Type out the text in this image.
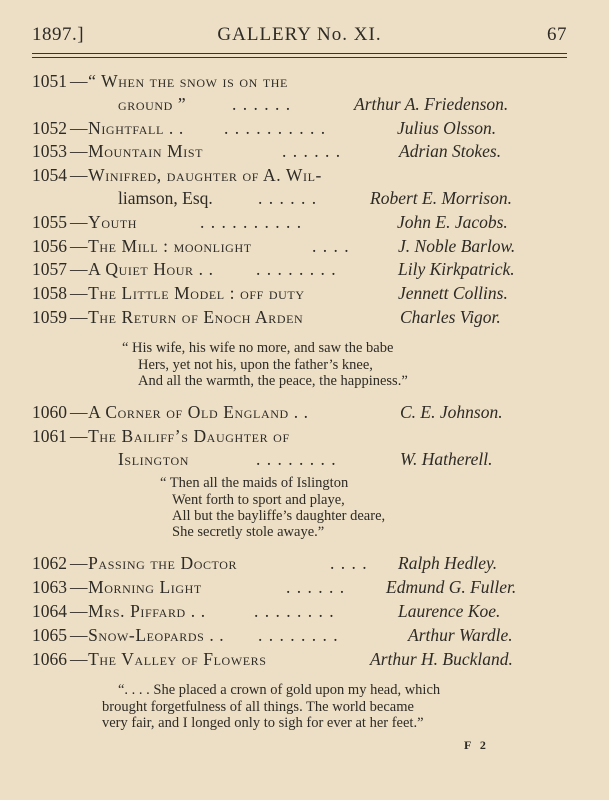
1897.]	GALLERY No. XI.	67
1051 —“ When the snow is on the
ground ”	. . . . . .	Arthur A. Friedenson.
1052 —Nightfall . . . . . . . . . . . .	Julius Olsson.
1053 —Mountain Mist	. . . . . .	Adrian Stokes.
1054 —Winifred, daughter of A. Wil-
liamson, Esq.	. . . . . .	Robert E. Morrison.
1055 —Youth	. . . . . . . . . .	John E. Jacobs.
1056 —The Mill : moonlight	. . . .	J. Noble Barlow.
1057 —A Quiet Hour . . . . . . . . . .	Lily Kirkpatrick.
1058 —The Little Model : off duty	Jennett Collins.
1059 —The Return of Enoch Arden	Charles Vigor.
“ His wife, his wife no more, and saw the babe
Hers, yet not his, upon the father’s knee,
And all the warmth, the peace, the happiness.”
1060 —A Corner of Old England . .	C. E. Johnson.
1061 —The Bailiff’s Daughter of
Islington	. . . . . . . .	W. Hatherell.
“ Then all the maids of Islington
Went forth to sport and playe,
All but the bayliffe’s daughter deare,
She secretly stole awaye.”
1062 —Passing the Doctor	. . . . Ralph Hedley.
1063 —Morning Light	. . . . . . Edmund G. Fuller.
1064 —Mrs. Piffard . .	. . . . . . . .	Laurence Koe.
1065 —Snow-Leopards . . . . . . . . . .	Arthur Wardle.
1066 —The Valley of Flowers	Arthur H. Buckland.
“. . . . She placed a crown of gold upon my head, which
brought forgetfulness of all things. The world became
very fair, and I longed only to sigh for ever at her feet.”
F 2
